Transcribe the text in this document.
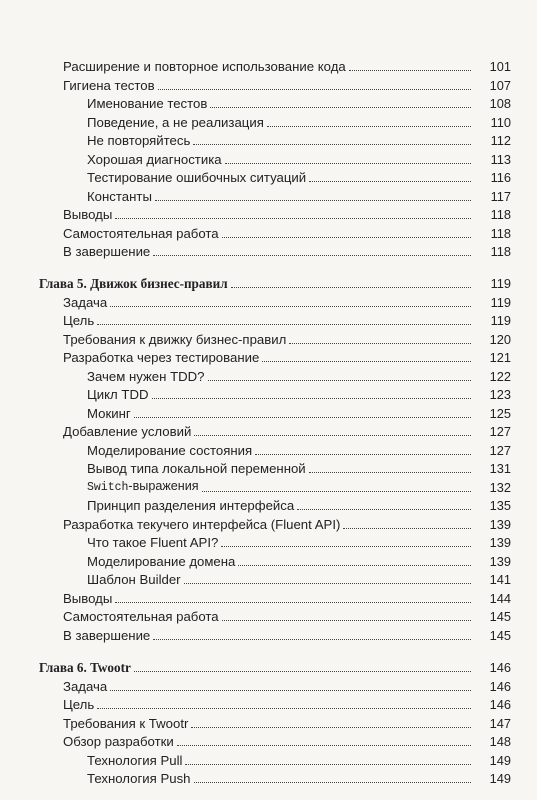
Расширение и повторное использование кода	101
Гигиена тестов	107
Именование тестов	108
Поведение, а не реализация	110
Не повторяйтесь	112
Хорошая диагностика	113
Тестирование ошибочных ситуаций	116
Константы	117
Выводы	118
Самостоятельная работа	118
В завершение	118
Глава 5. Движок бизнес-правил	119
Задача	119
Цель	119
Требования к движку бизнес-правил	120
Разработка через тестирование	121
Зачем нужен TDD?	122
Цикл TDD	123
Мокинг	125
Добавление условий	127
Моделирование состояния	127
Вывод типа локальной переменной	131
Switch-выражения	132
Принцип разделения интерфейса	135
Разработка текучего интерфейса (Fluent API)	139
Что такое Fluent API?	139
Моделирование домена	139
Шаблон Builder	141
Выводы	144
Самостоятельная работа	145
В завершение	145
Глава 6. Twootr	146
Задача	146
Цель	146
Требования к Twootr	147
Обзор разработки	148
Технология Pull	149
Технология Push	149
